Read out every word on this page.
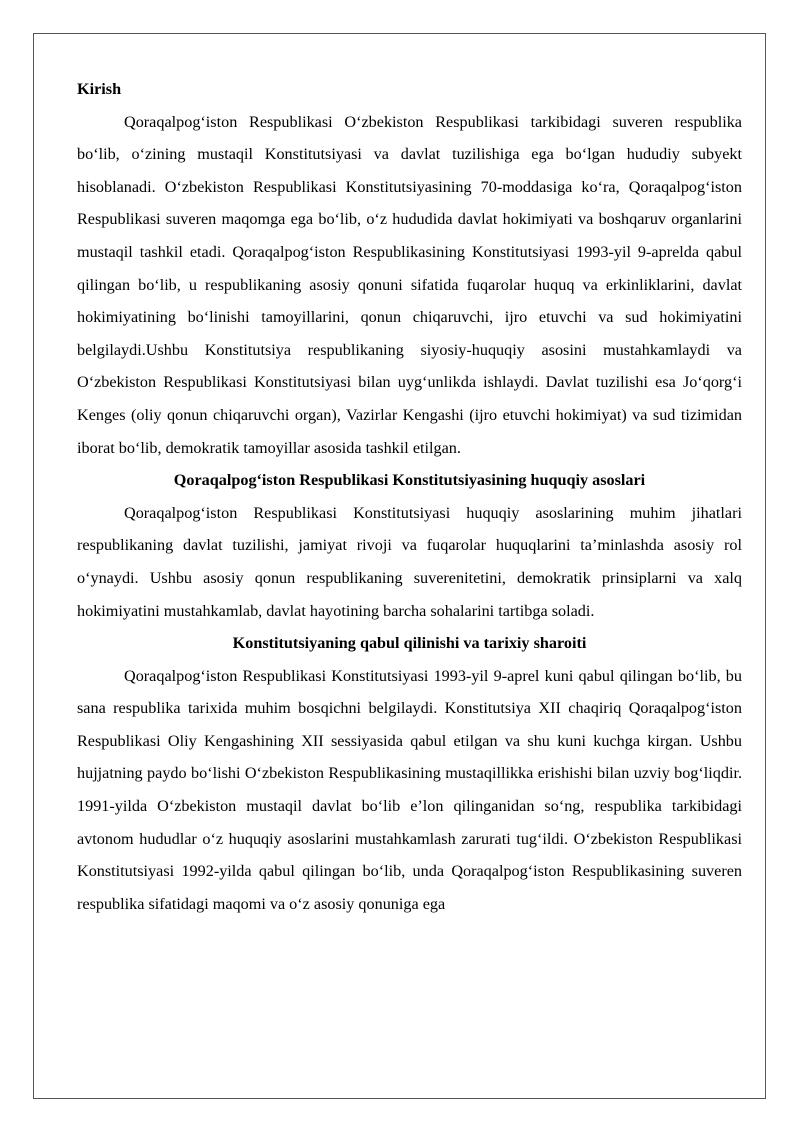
Kirish

Qoraqalpog‘iston Respublikasi O‘zbekiston Respublikasi tarkibidagi suveren respublika bo‘lib, o‘zining mustaqil Konstitutsiyasi va davlat tuzilishiga ega bo‘lgan hududiy subyekt hisoblanadi. O‘zbekiston Respublikasi Konstitutsiyasining 70-moddasiga ko‘ra, Qoraqalpog‘iston Respublikasi suveren maqomga ega bo‘lib, o‘z hududida davlat hokimiyati va boshqaruv organlarini mustaqil tashkil etadi. Qoraqalpog‘iston Respublikasining Konstitutsiyasi 1993-yil 9-aprelda qabul qilingan bo‘lib, u respublikaning asosiy qonuni sifatida fuqarolar huquq va erkinliklarini, davlat hokimiyatining bo‘linishi tamoyillarini, qonun chiqaruvchi, ijro etuvchi va sud hokimiyatini belgilaydi.Ushbu Konstitutsiya respublikaning siyosiy-huquqiy asosini mustahkamlaydi va O‘zbekiston Respublikasi Konstitutsiyasi bilan uyg‘unlikda ishlaydi. Davlat tuzilishi esa Jo‘qorg‘i Kenges (oliy qonun chiqaruvchi organ), Vazirlar Kengashi (ijro etuvchi hokimiyat) va sud tizimidan iborat bo‘lib, demokratik tamoyillar asosida tashkil etilgan.

Qoraqalpog‘iston Respublikasi Konstitutsiyasining huquqiy asoslari

Qoraqalpog‘iston Respublikasi Konstitutsiyasi huquqiy asoslarining muhim jihatlari respublikaning davlat tuzilishi, jamiyat rivoji va fuqarolar huquqlarini ta’minlashda asosiy rol o‘ynaydi. Ushbu asosiy qonun respublikaning suverenitetini, demokratik prinsiplarni va xalq hokimiyatini mustahkamlab, davlat hayotining barcha sohalarini tartibga soladi.

Konstitutsiyaning qabul qilinishi va tarixiy sharoiti

Qoraqalpog‘iston Respublikasi Konstitutsiyasi 1993-yil 9-aprel kuni qabul qilingan bo‘lib, bu sana respublika tarixida muhim bosqichni belgilaydi. Konstitutsiya XII chaqiriq Qoraqalpog‘iston Respublikasi Oliy Kengashining XII sessiyasida qabul etilgan va shu kuni kuchga kirgan. Ushbu hujjatning paydo bo‘lishi O‘zbekiston Respublikasining mustaqillikka erishishi bilan uzviy bog‘liqdir. 1991-yilda O‘zbekiston mustaqil davlat bo‘lib e’lon qilinganidan so‘ng, respublika tarkibidagi avtonom hududlar o‘z huquqiy asoslarini mustahkamlash zarurati tug‘ildi. O‘zbekiston Respublikasi Konstitutsiyasi 1992-yilda qabul qilingan bo‘lib, unda Qoraqalpog‘iston Respublikasining suveren respublika sifatidagi maqomi va o‘z asosiy qonuniga ega
